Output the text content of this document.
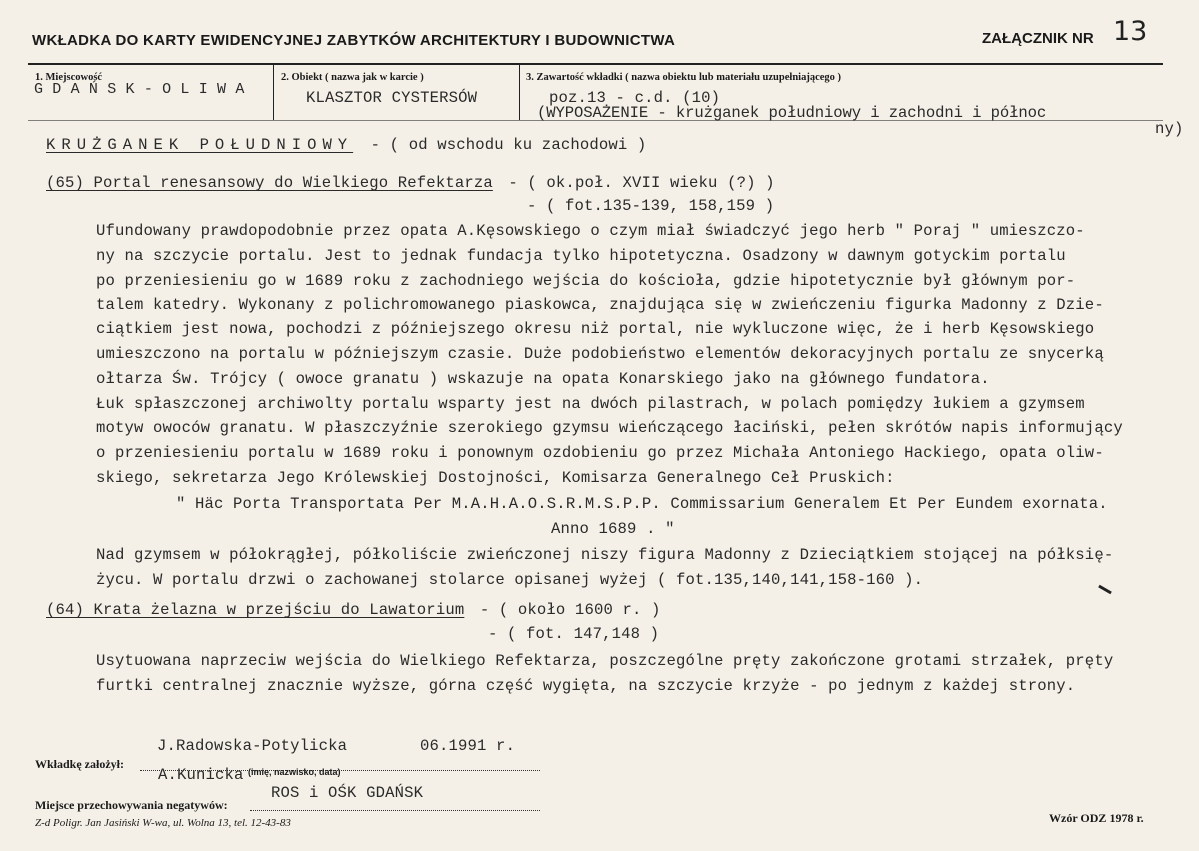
WKŁADKA DO KARTY EWIDENCYJNEJ ZABYTKÓW ARCHITEKTURY I BUDOWNICTWA	ZAŁĄCZNIK NR 13
1. Miejscowość
G D A Ń S K - O L I W A
2. Obiekt ( nazwa jak w karcie )
KLASZTOR CYSTERSÓW
3. Zawartość wkładki ( nazwa obiektu lub materiału uzupełniającego )
poz.13 - c.d. (10)
(WYPOSAŻENIE - krużganek południowy i zachodni i północ
ny)
KRUŻGANEK POŁUDNIOWY - ( od wschodu ku zachodowi )
(65) Portal renesansowy do Wielkiego Refektarza - ( ok.poł. XVII wieku (?) )
- ( fot.135-139, 158,159 )
Ufundowany prawdopodobnie przez opata A.Kęsowskiego o czym miał świadczyć jego herb " Poraj " umieszczo-
ny na szczycie portalu. Jest to jednak fundacja tylko hipotetyczna. Osadzony w dawnym gotyckim portalu
po przeniesieniu go w 1689 roku z zachodniego wejścia do kościoła, gdzie hipotetycznie był głównym por-
talem katedry. Wykonany z polichromowanego piaskowca, znajdująca się w zwieńczeniu figurka Madonny z Dzie-
ciątkiem jest nowa, pochodzi z późniejszego okresu niż portal, nie wykluczone więc, że i herb Kęsowskiego
umieszczono na portalu w późniejszym czasie. Duże podobieństwo elementów dekoracyjnych portalu ze snycerką
ołtarza Św. Trójcy ( owoce granatu ) wskazuje na opata Konarskiego jako na głównego fundatora.
Łuk spłaszczonej archiwolty portalu wsparty jest na dwóch pilastrach, w polach pomiędzy łukiem a gzymsem
motyw owoców granatu. W płaszczyźnie szerokiego gzymsu wieńczącego łaciński, pełen skrótów napis informujący
o przeniesieniu portalu w 1689 roku i ponownym ozdobieniu go przez Michała Antoniego Hackiego, opata oliw-
skiego, sekretarza Jego Królewskiej Dostojności, Komisarza Generalnego Ceł Pruskich:
" Häc Porta Transportata Per M.A.H.A.O.S.R.M.S.P.P. Commissarium Generalem Et Per Eundem exornata.
Anno 1689 . "
Nad gzymsem w półokrągłej, półkoliście zwieńczonej niszy figura Madonny z Dzieciątkiem stojącej na półksię-
życu. W portalu drzwi o zachowanej stolarce opisanej wyżej ( fot.135,140,141,158-160 ).
(64) Krata żelazna w przejściu do Lawatorium - ( około 1600 r. )
- ( fot. 147,148 )
Usytuowana naprzeciw wejścia do Wielkiego Refektarza, poszczególne pręty zakończone grotami strzałek, pręty
furtki centralnej znacznie wyższe, górna część wygięta, na szczycie krzyże - po jednym z każdej strony.
J.Radowska-Potylicka	06.1991 r.
Wkładkę założył:
A.Kunicka (imię, nazwisko, data)
ROS i OŚK GDAŃSK
Miejsce przechowywania negatywów:
Z-d Poligr. Jan Jasiński W-wa, ul. Wolna 13, tel. 12-43-83	Wzór ODZ 1978 r.
